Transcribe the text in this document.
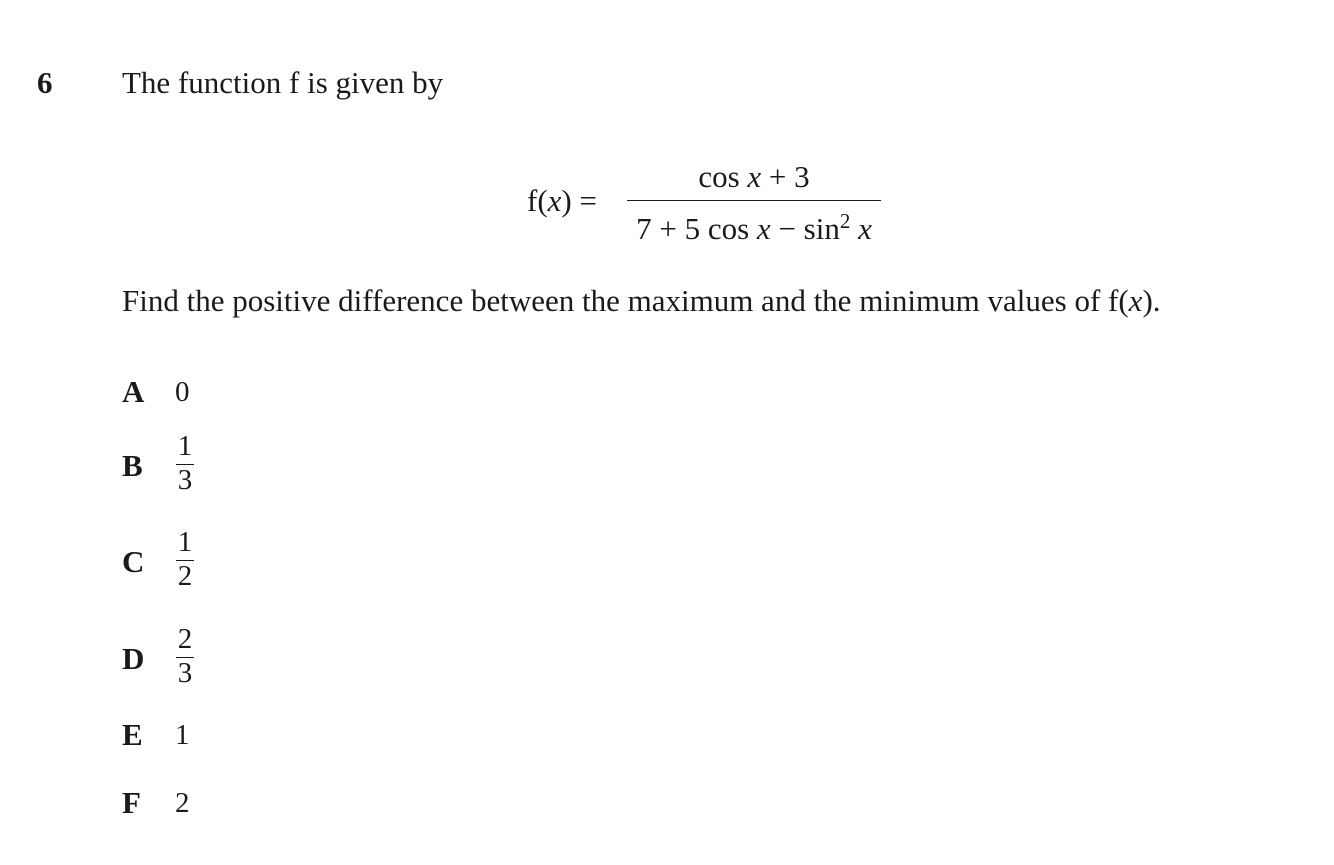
6 The function f is given by
f(x) =
cos x + 3
7 + 5 $\cos x - \sin^2 x$
Find the positive difference between the maximum and the minimum values of f(x).
A 0
B
1
3
C
1
2
D
2
3
E 1
F 2
